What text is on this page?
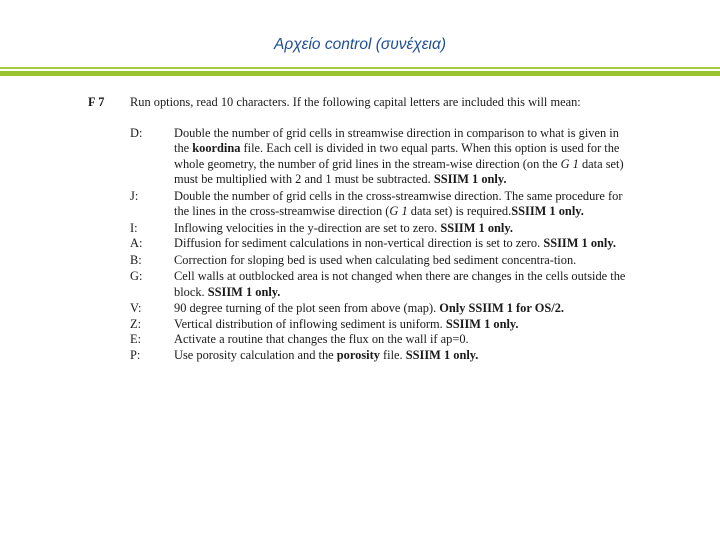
Αρχείο control (συνέχεια)
F 7	Run options, read 10 characters. If the following capital letters are included this will mean:
D:	Double the number of grid cells in streamwise direction in comparison to what is given in the koordina file. Each cell is divided in two equal parts. When this option is used for the whole geometry, the number of grid lines in the stream-wise direction (on the G 1 data set) must be multiplied with 2 and 1 must be subtracted. SSIIM 1 only.
J:	Double the number of grid cells in the cross-streamwise direction. The same procedure for the lines in the cross-streamwise direction (G 1 data set) is required.SSIIM 1 only.
I:	Inflowing velocities in the y-direction are set to zero. SSIIM 1 only.
A:	Diffusion for sediment calculations in non-vertical direction is set to zero. SSIIM 1 only.
B:	Correction for sloping bed is used when calculating bed sediment concentra-tion.
G:	Cell walls at outblocked area is not changed when there are changes in the cells outside the block. SSIIM 1 only.
V:	90 degree turning of the plot seen from above (map). Only SSIIM 1 for OS/2.
Z:	Vertical distribution of inflowing sediment is uniform. SSIIM 1 only.
E:	Activate a routine that changes the flux on the wall if ap=0.
P:	Use porosity calculation and the porosity file. SSIIM 1 only.
